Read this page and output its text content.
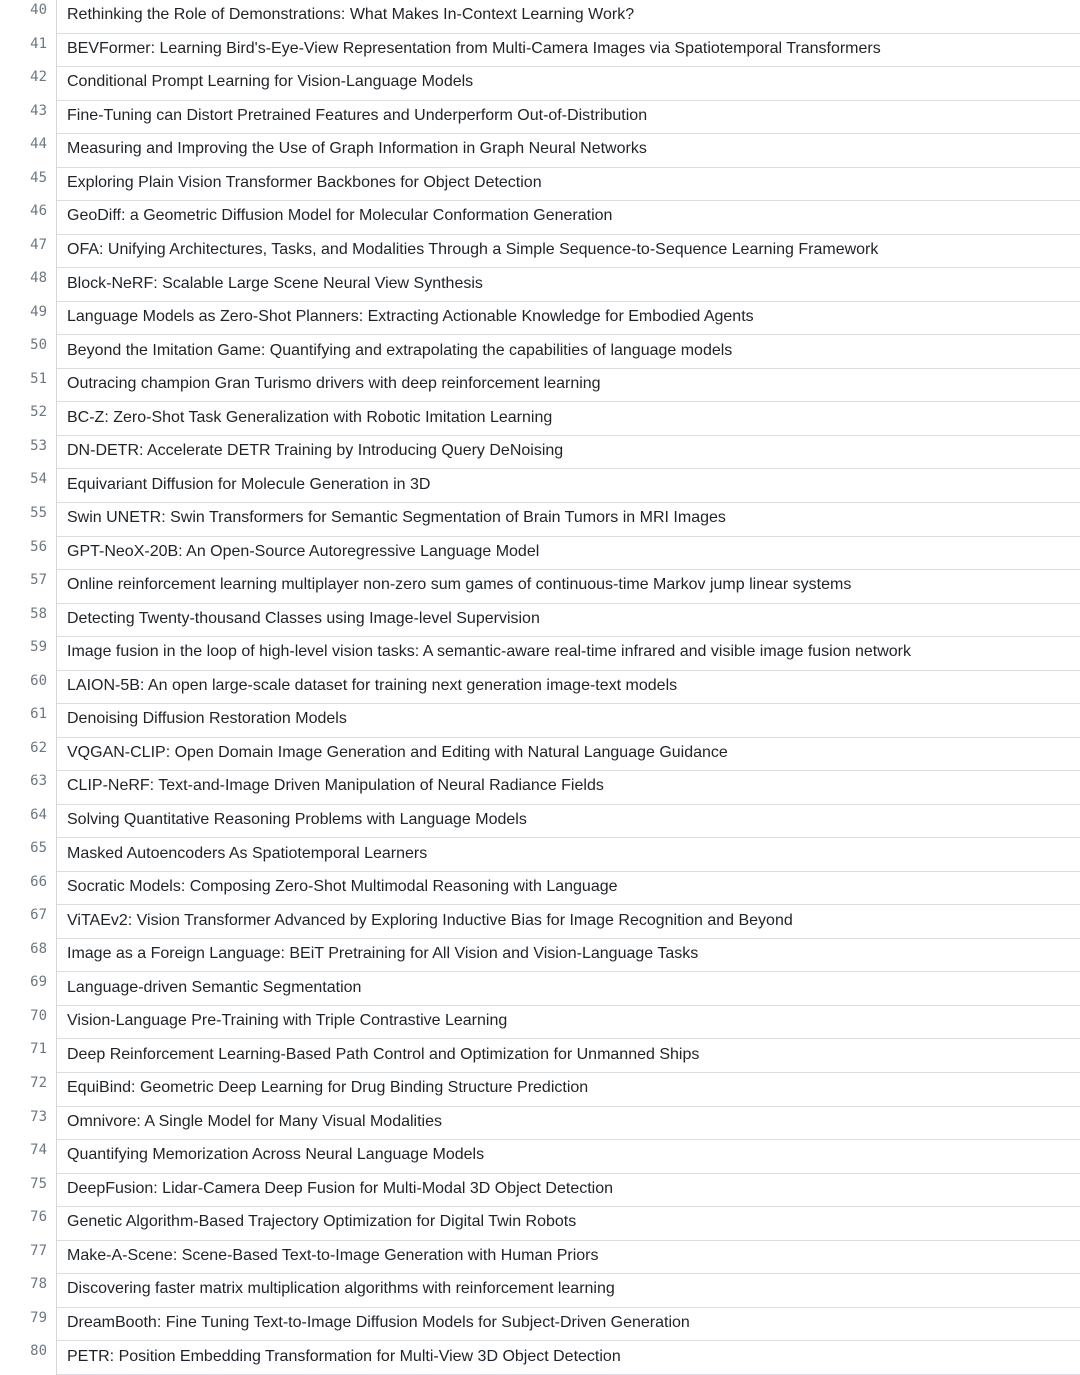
40	Rethinking the Role of Demonstrations: What Makes In-Context Learning Work?
41	BEVFormer: Learning Bird's-Eye-View Representation from Multi-Camera Images via Spatiotemporal Transformers
42	Conditional Prompt Learning for Vision-Language Models
43	Fine-Tuning can Distort Pretrained Features and Underperform Out-of-Distribution
44	Measuring and Improving the Use of Graph Information in Graph Neural Networks
45	Exploring Plain Vision Transformer Backbones for Object Detection
46	GeoDiff: a Geometric Diffusion Model for Molecular Conformation Generation
47	OFA: Unifying Architectures, Tasks, and Modalities Through a Simple Sequence-to-Sequence Learning Framework
48	Block-NeRF: Scalable Large Scene Neural View Synthesis
49	Language Models as Zero-Shot Planners: Extracting Actionable Knowledge for Embodied Agents
50	Beyond the Imitation Game: Quantifying and extrapolating the capabilities of language models
51	Outracing champion Gran Turismo drivers with deep reinforcement learning
52	BC-Z: Zero-Shot Task Generalization with Robotic Imitation Learning
53	DN-DETR: Accelerate DETR Training by Introducing Query DeNoising
54	Equivariant Diffusion for Molecule Generation in 3D
55	Swin UNETR: Swin Transformers for Semantic Segmentation of Brain Tumors in MRI Images
56	GPT-NeoX-20B: An Open-Source Autoregressive Language Model
57	Online reinforcement learning multiplayer non-zero sum games of continuous-time Markov jump linear systems
58	Detecting Twenty-thousand Classes using Image-level Supervision
59	Image fusion in the loop of high-level vision tasks: A semantic-aware real-time infrared and visible image fusion network
60	LAION-5B: An open large-scale dataset for training next generation image-text models
61	Denoising Diffusion Restoration Models
62	VQGAN-CLIP: Open Domain Image Generation and Editing with Natural Language Guidance
63	CLIP-NeRF: Text-and-Image Driven Manipulation of Neural Radiance Fields
64	Solving Quantitative Reasoning Problems with Language Models
65	Masked Autoencoders As Spatiotemporal Learners
66	Socratic Models: Composing Zero-Shot Multimodal Reasoning with Language
67	ViTAEv2: Vision Transformer Advanced by Exploring Inductive Bias for Image Recognition and Beyond
68	Image as a Foreign Language: BEiT Pretraining for All Vision and Vision-Language Tasks
69	Language-driven Semantic Segmentation
70	Vision-Language Pre-Training with Triple Contrastive Learning
71	Deep Reinforcement Learning-Based Path Control and Optimization for Unmanned Ships
72	EquiBind: Geometric Deep Learning for Drug Binding Structure Prediction
73	Omnivore: A Single Model for Many Visual Modalities
74	Quantifying Memorization Across Neural Language Models
75	DeepFusion: Lidar-Camera Deep Fusion for Multi-Modal 3D Object Detection
76	Genetic Algorithm-Based Trajectory Optimization for Digital Twin Robots
77	Make-A-Scene: Scene-Based Text-to-Image Generation with Human Priors
78	Discovering faster matrix multiplication algorithms with reinforcement learning
79	DreamBooth: Fine Tuning Text-to-Image Diffusion Models for Subject-Driven Generation
80	PETR: Position Embedding Transformation for Multi-View 3D Object Detection
